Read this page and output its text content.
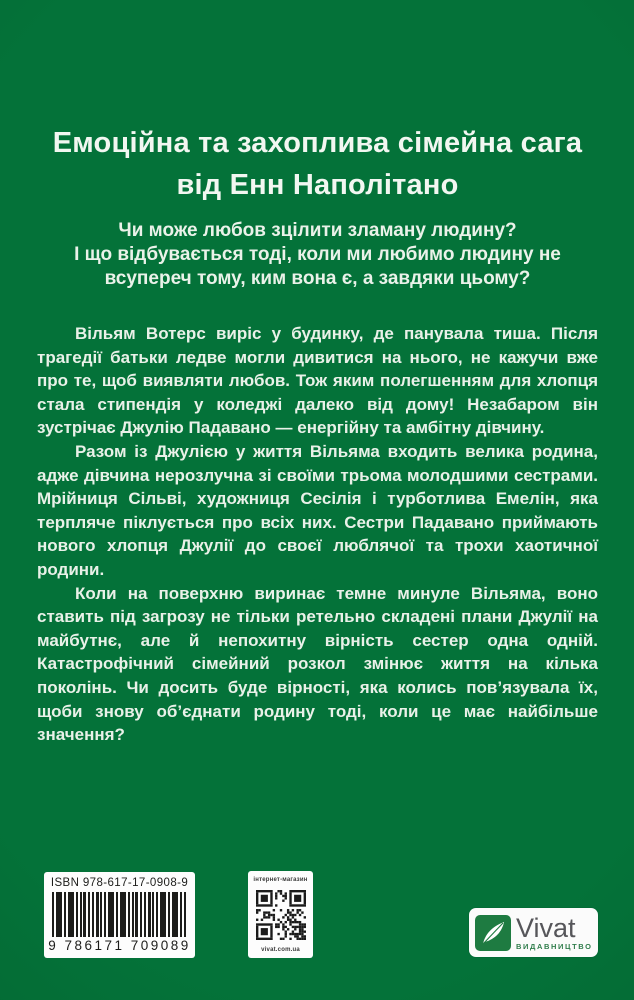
Емоційна та захоплива сімейна сага
від Енн Наполітано
Чи може любов зцілити зламану людину?
І що відбувається тоді, коли ми любимо людину не
всупереч тому, ким вона є, а завдяки цьому?

Вільям Вотерс виріс у будинку, де панувала тиша. Після трагедії батьки ледве могли дивитися на нього, не кажучи вже про те, щоб виявляти любов. Тож яким полегшенням для хлопця стала стипендія у коледжі далеко від дому! Незабаром він зустрічає Джулію Падавано — енергійну та амбітну дівчину.

Разом із Джулією у життя Вільяма входить велика родина, адже дівчина нерозлучна зі своїми трьома молодшими сестрами. Мрійниця Сільві, художниця Сесілія і турботлива Емелін, яка терпляче піклується про всіх них. Сестри Падавано приймають нового хлопця Джулії до своєї люблячої та трохи хаотичної родини.

Коли на поверхню виринає темне минуле Вільяма, воно ставить під загрозу не тільки ретельно складені плани Джулії на майбутнє, але й непохитну вірність сестер одна одній. Катастрофічний сімейний розкол змінює життя на кілька поколінь. Чи досить буде вірності, яка колись пов’язувала їх, щоби знову об’єднати родину тоді, коли це має найбільше значення?

ISBN 978-617-17-0908-9
9 786171 709089
інтернет-магазин
vivat.com.ua
Vivat
ВИДАВНИЦТВО
